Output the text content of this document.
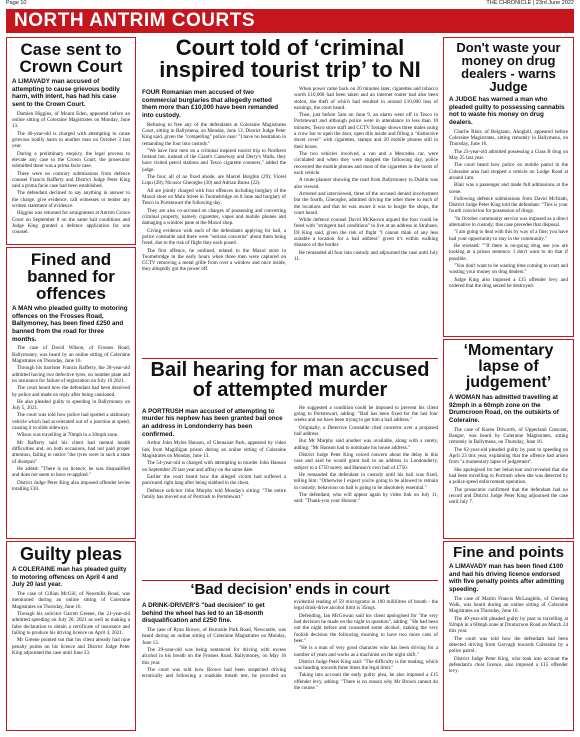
Page 10	THE CHRONICLE | 23rd June 2022
NORTH ANTRIM COURTS
Case sent to Crown Court
A LIMAVADY man accused of attempting to cause grievous bodily harm, with intent, has had his case sent to the Crown Court.

Damien Higgins, of Mount Eden, appeared before an online sitting of Coleraine Magistrates on Monday, June 13.

The 46-year-old is charged with attempting to cause grievous bodily harm to another man on October 3 last year.

During a preliminary enquiry, the legal process to elevate any case to the Crown Court, the prosecutor submitted there was a prima facie case.

There were no contrary submissions from defence counsel Francis Rafferty and District Judge Peter King said a prima facie case had been established.

The defendant declined to say anything in answer to the charge, give evidence, call witnesses or tender any written statement of evidence.

Higgins was returned for arraignment at Antrim Crown Court on September 8 on the same bail conditions and Judge King granted a defence application for one counsel.

Fined and banned for offences
A MAN who pleaded guilty to motoring offences on the Frosses Road, Ballymoney, has been fined £250 and banned from the road for three months.

The case of David Wilson, of Frosses Road, Ballymoney, was heard by an online sitting of Coleraine Magistrates on Thursday, June 16.

Through his barrister Francis Rafferty, the 28-year-old admitted having two defective tyres, no number plate and no insurance for failure of registration on July 10 2021.

The court heard how the defendant had been deceived by police and made no reply after being cautioned.

He also pleaded guilty to speeding in Ballymoney on July 5, 2021.

The court was told how police had spotted a stationary vehicle which had accelerated out of a junction at speed, causing it to slide sideways.

Wilson was travelling at 70mph in a 30mph zone.

Mr Rafferty said his client had mental health difficulties and, on both occasions, had not paid proper attention, failing to notice "the tyres were in such a state of disrepair".

He added: "There is no licence; he was disqualified and does not seem to have re-applied."

District Judge Peter King also imposed offender levies totalling £30.

Guilty pleas
A COLERAINE man has pleaded guilty to motoring offences on April 4 and July 20 last year.

The case of Cillian McGill, of Newmills Road, was mentioned during an online sitting of Coleraine Magistrates on Thursday, June 16.

Through his solicitor Garrett Greene, the 21-year-old admitted speeding on July 20, 2021 as well as making a false declaration to obtain a certificate of insurance and failing to produce his driving licence on April 4, 2021.

Mr Greene pointed out that his client already had nine penalty points on his licence and District Judge Peter King adjourned the case until June 23.

Court told of ‘criminal inspired tourist trip’ to NI
FOUR Romanian men accused of two commercial burglaries that allegedly netted them more than £10,000 have been remanded into custody.

Refusing to free any of the defendants at Coleraine Magistrates Court, sitting in Ballymena, on Monday, June 13, District Judge Peter King said, given the "compelling" police case: "I have no hesitation in remanding the four into custody."

"We have four men on a criminal inspired tourist trip to Northern Ireland but, instead of the Giant's Causeway and Derry's Walls, they have visited petrol stations and Tesco cigarette counters," added the judge.

The four, all of no fixed abode, are Marcel Burghin (29); Viorel Lupu (28); Nicusor Gheorghe (30) and Adrian Burea (22).

All are jointly charged with four offences including burglary of the Maxol store on Main Street in Toomebridge on 8 June and burglary of Tesco in Portstewart the following day.

They are also co-accused on charges of possessing and converting criminal property, namely cigarettes, vapes and mobile phones and damaging a window pane at the Maxol shop.

Giving evidence with each of the defendants applying for bail, a police constable said there were "serious concerns" about them being freed, due to the risk of flight they each posed.

The first offence, he outlined, related to the Maxol store in Toomebridge in the early hours when three men were captured on CCTV removing a metal grille from over a window and once inside, they allegedly got the power off.

When power came back on 20 minutes later, cigarettes and tobacco worth £10,000 had been taken and an internet router had also been stolen, the theft of which had resulted in around £10,000 loss of earnings, the court heard.

Then, just before 5am on June 9, an alarm went off in Tesco in Portstewart and although police were in attendance in less than 10 minutes, Tesco store staff and CCTV footage shows three males using a crow bar to open the door, open tills inside and filling a "distinctive duvet cover" with cigarettes, stamps and 20 mobile phones still in their boxes.

The two vehicles involved, a van and a Mercedes car, were circulated and when they were stopped the following day, police recovered the mobile phones and most of the cigarettes in the boots of each vehicle.

A route planner showing the road from Ballymoney to Dublin was also viewed.

Arrested and interviewed, three of the accused denied involvement but the fourth, Gheorghe, admitted driving the other three to each of the locations and that he was aware it was to burgle the shops, the court heard.

While defence counsel David McKeown argued the four could be freed with "stringent bail conditions" to live at an address in Strabane, DJ King said, given the risk of flight "I cannot think of any less suitable a location for a bail address" given it's within walking distance of the border.

He remanded all four into custody and adjourned the case until July 11.

Bail hearing for man accused of attempted murder
A PORTRUSH man accused of attempting to murder his nephew has been granted bail once an address in Londonderry has been confirmed.

Arthur John Myles Hanson, of Glentaisie Park, appeared by video link from Magilligan prison during an online sitting of Coleraine Magistrates on Monday, June 13.

The 54-year-old is charged with attempting to murder John Hanson on September 29 last year and affray on the same date.

Earlier the court heard how the alleged victim had suffered a punctured right lung after being stabbed in the chest.

Defence solicitor John Murphy told Monday's sitting: "The entire family has moved out of Portrush to Portstewart."

He suggested a condition could be imposed to prevent his client going to Portstewart, adding: "Bail has been fixed for the last four weeks and we have been trying to get him a bail address."

Originally, a Detective Constable cited concerns over a proposed bail address.

But Mr Murphy said another was available, along with a surety, adding: "Mr Hanson had to nominate his house address."

District Judge Peter King voiced concern about the delay in this case and said he would grant bail to an address in Londonderry, subject to a £750 surety and Hanson's own bail of £750.

He remanded the defendant in custody until his bail was fixed, telling him: "Otherwise I expect you're going to be allowed to remain in custody; behaviour on bail is going to be absolutely essential."

The defendant, who will appear again by video link on July 11, said: "Thank-you your Honour."

‘Bad decision’ ends in court
A DRINK-DRIVER'S "bad decision" to get behind the wheel has led to an 18-month disqualification and £250 fine.

The case of Ryan Brown, of Burnside Park Road, Newcastle, was heard during an online sitting of Coleraine Magistrates on Monday, June 13.

The 29-year-old was being sentenced for driving with excess alcohol in his breath on the Frosses Road, Ballymoney, on May 16 this year.

The court was told how Brown had been suspected driving erratically and following a roadside breath test, he provided an evidential reading of 59 micrograms in 100 millilitres of breath - the legal drink-drive alcohol limit is 35mgs.

Defending, Ian McGowan said his client apologised for "the very bad decision he made on the night in question", adding: "He had been out the night before and consumed some alcohol, making the very foolish decision the following morning to have two more cans of beer."

"He is a man of very good character who has been driving for a number of years and works as a machinist on the night shift."

District Judge Peter King said: "The difficulty is the reading, which was heading towards three times the legal limit."

Taking into account the early guilty plea, he also imposed a £15 offender levy, adding: "There is no reason why Mr Brown cannot do the course."

Don't waste your money on drug dealers - warns Judge
A JUDGE has warned a man who pleaded guilty to possessing cannabis not to waste his money on drug dealers.

Charlie Blair, of Belgrano, Ahoghill, appeared before Coleraine Magistrates, sitting remotely in Ballymena, on Thursday, June 16.

The 23-year-old admitted possessing a Class B drug on May 25 last year.

The court heard how police on mobile patrol in the Coleraine area had stopped a vehicle on Lodge Road at around 1am.

Blair was a passenger and made full admissions at the scene.

Following defence submissions from David McIlrath, District Judge Peter King told the defendant: "This is your fourth conviction for possession of drugs.

"In October community service was imposed as a direct alternative to custody; this case precedes that disposal.

"I am going to deal with this by way of a fine; you have had your opportunity to stay in the community."

He stressed: ""If there is on-going drug use you are looking at a prison sentence. I don't want to do that if possible.

"You don't want to be wasting time coming to court and wasting your money on drug dealers."

Judge King also imposed a £15 offender levy and ordered that the drug seized be destroyed.

‘Momentary lapse of judgement’
A WOMAN has admitted travelling at 92mph in a 60mph zone on the Drumcroon Road, on the outskirts of Coleraine.

The case of Karen Dilworth, of Upperland Crescent, Bangor, was heard by Coleraine Magistrates, sitting remotely in Ballymena, on Thursday, June 16.

The 62-year-old pleaded guilty by post to speeding on April 23 this year, explaining that the offence had arisen from "a momentary lapse of judgement".

She apologised for her behaviour and revealed that she had been travelling to Portrush when she was detected by a police speed enforcement operation.

The prosecutor confirmed that the defendant had no record and District Judge Peter King adjourned the case until July 7.

Fine and points
A LIMAVADY man has been fined £100 and had his driving licence endorsed with five penalty points after admitting speeding.

The case of Martin Francis McLaughlin, of Glenbeg Walk, was heard during an online sitting of Coleraine Magistrates on Thursday, June 16.

The 40-year-old pleaded guilty by post to travelling at 92mph in a 60mph zone at Drumcroon Road on March 24 this year.

The court was told how the defendant had been detected driving from Garvagh towards Coleraine by a police patrol.

District Judge Peter King, who took into account the defendant's clear licence, also imposed a £15 offender levy.
